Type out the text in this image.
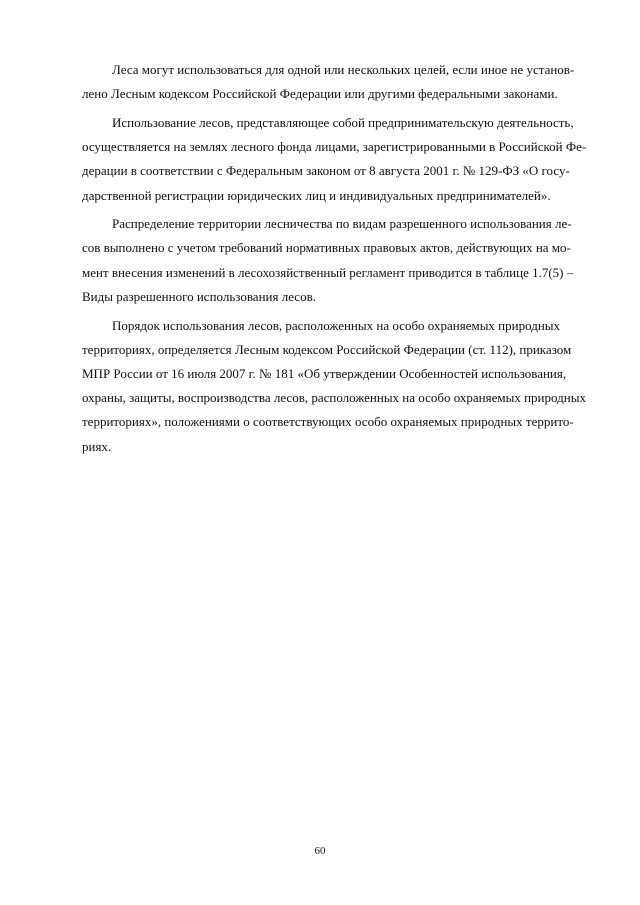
Леса могут использоваться для одной или нескольких целей, если иное не установ-
лено Лесным кодексом Российской Федерации или другими федеральными законами.

Использование лесов, представляющее собой предпринимательскую деятельность,
осуществляется на землях лесного фонда лицами, зарегистрированными в Российской Фе-
дерации в соответствии с Федеральным законом от 8 августа 2001 г. № 129-ФЗ «О госу-
дарственной регистрации юридических лиц и индивидуальных предпринимателей».

Распределение территории лесничества по видам разрешенного использования ле-
сов выполнено с учетом требований нормативных правовых актов, действующих на мо-
мент внесения изменений в лесохозяйственный регламент приводится в таблице 1.7(5) –
Виды разрешенного использования лесов.

Порядок использования лесов, расположенных на особо охраняемых природных
территориях, определяется Лесным кодексом Российской Федерации (ст. 112), приказом
МПР России от 16 июля 2007 г. № 181 «Об утверждении Особенностей использования,
охраны, защиты, воспроизводства лесов, расположенных на особо охраняемых природных
территориях», положениями о соответствующих особо охраняемых природных террито-
риях.

60
